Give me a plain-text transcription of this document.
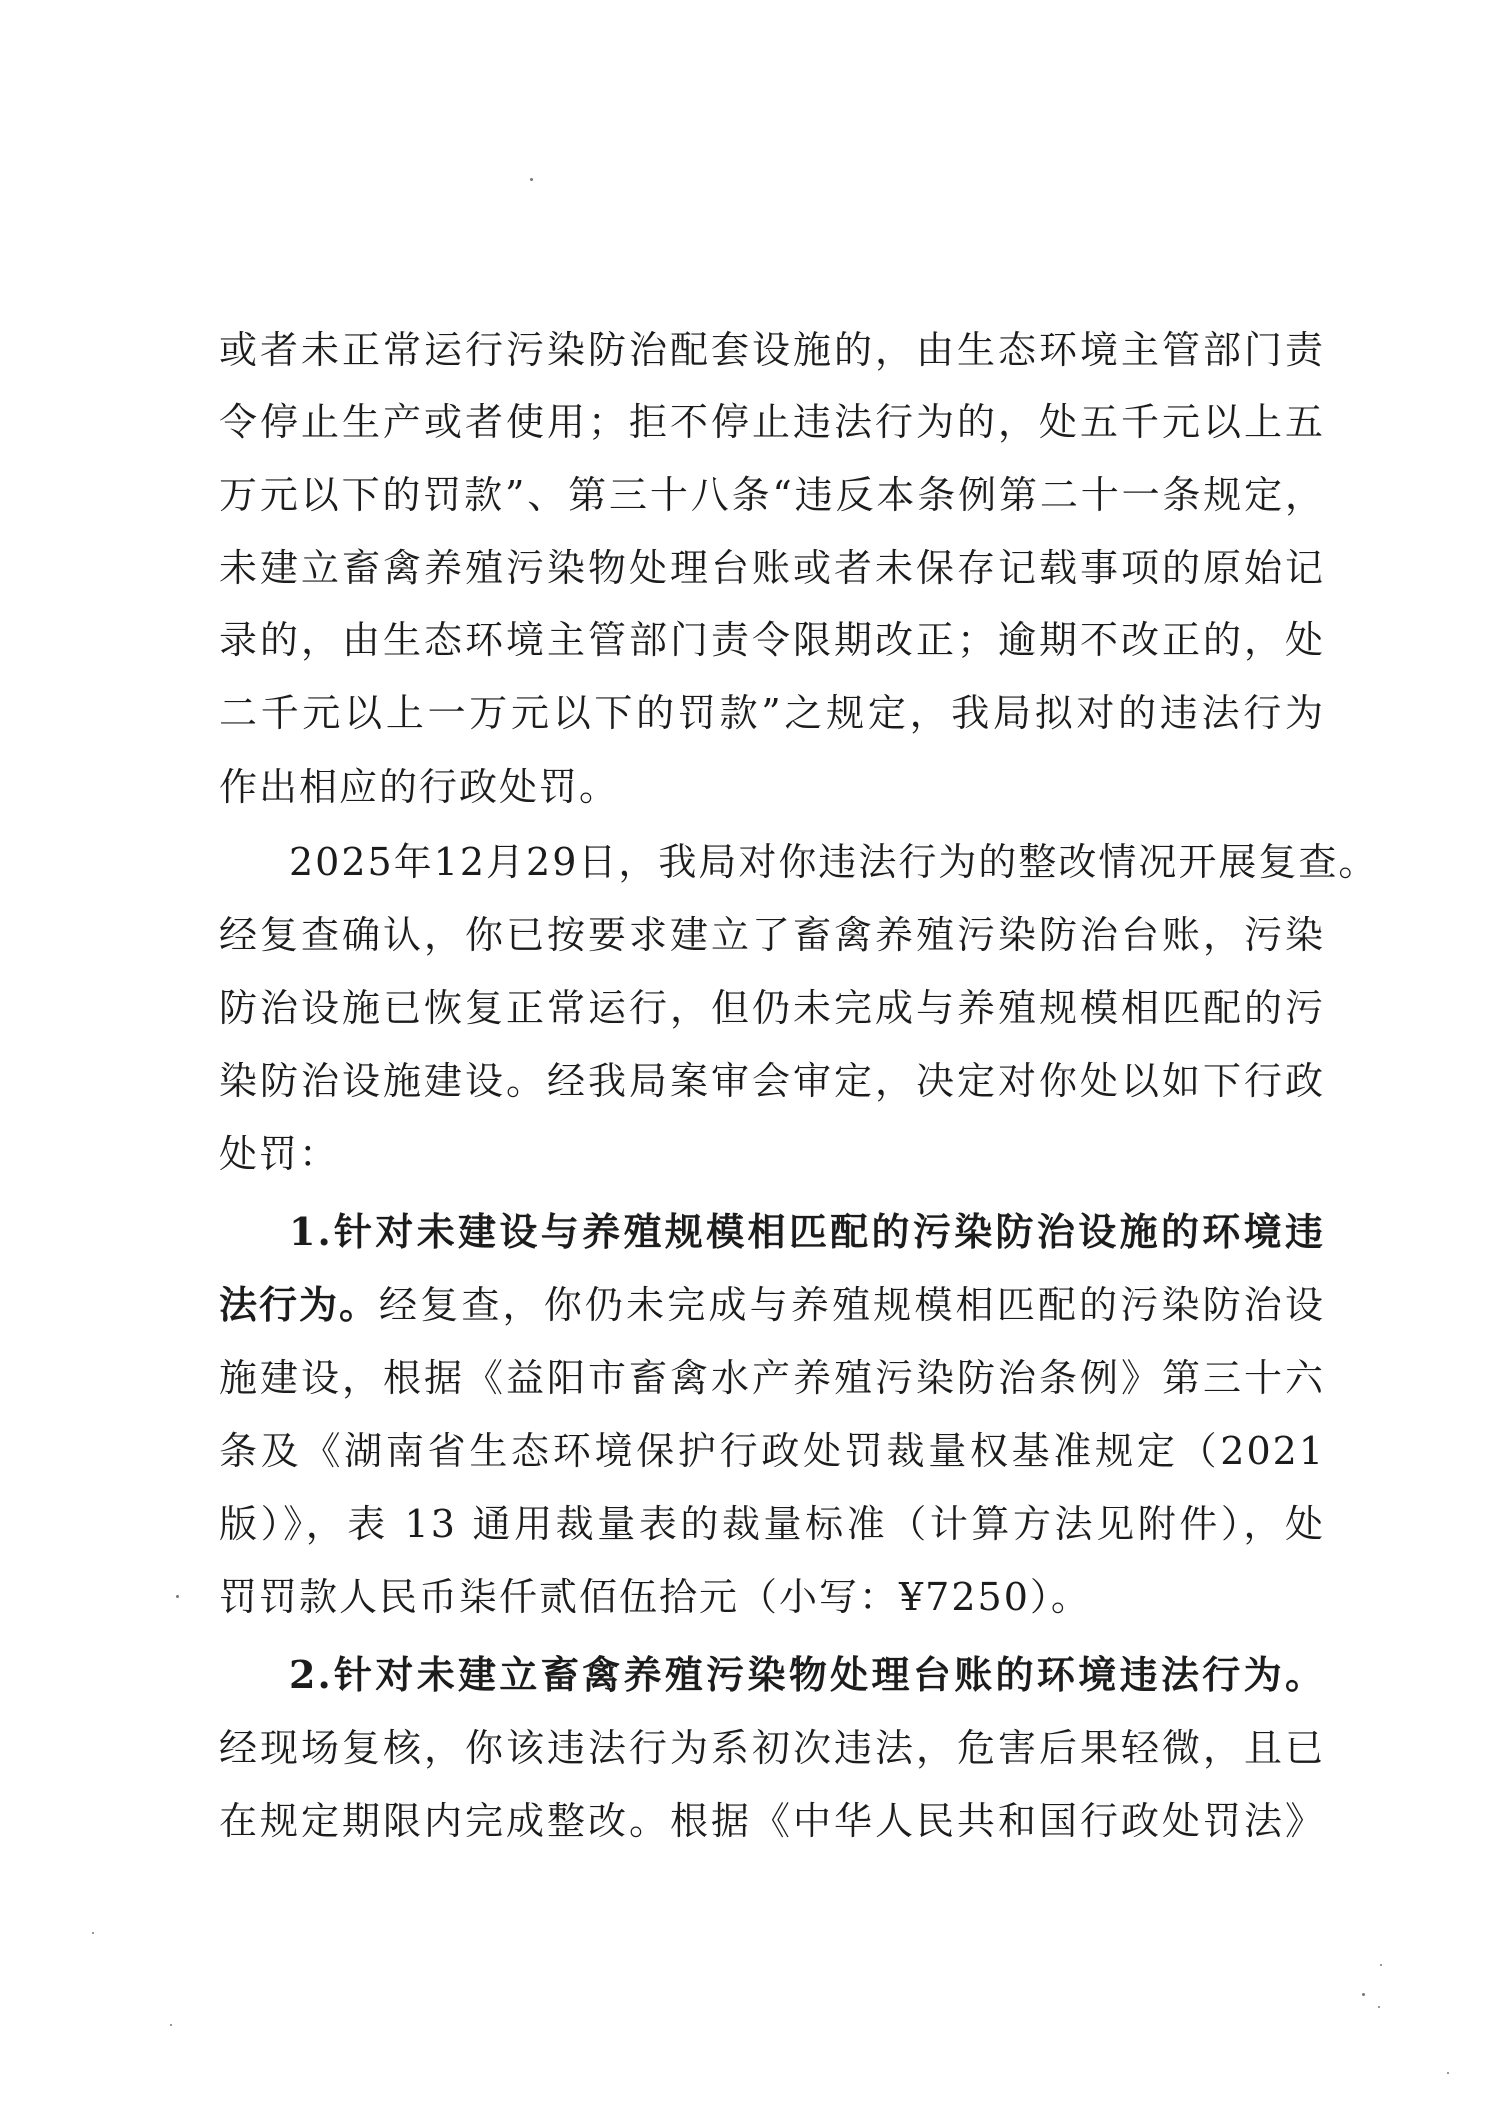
或者未正常运行污染防治配套设施的，由生态环境主管部门责
令停止生产或者使用；拒不停止违法行为的，处五千元以上五
万元以下的罚款”、第三十八条“违反本条例第二十一条规定，
未建立畜禽养殖污染物处理台账或者未保存记载事项的原始记
录的，由生态环境主管部门责令限期改正；逾期不改正的，处
二千元以上一万元以下的罚款”之规定，我局拟对的违法行为
作出相应的行政处罚。
2025年12月29日，我局对你违法行为的整改情况开展复查。
经复查确认，你已按要求建立了畜禽养殖污染防治台账，污染
防治设施已恢复正常运行，但仍未完成与养殖规模相匹配的污
染防治设施建设。经我局案审会审定，决定对你处以如下行政
处罚：
1.针对未建设与养殖规模相匹配的污染防治设施的环境违
法行为。 经复查，你仍未完成与养殖规模相匹配的污染防治设
施建设，根据《益阳市畜禽水产养殖污染防治条例》第三十六
条及《湖南省生态环境保护行政处罚裁量权基准规定（2021
版）》，表 13 通用裁量表的裁量标准（计算方法见附件），处
罚罚款人民币柒仟贰佰伍拾元（小写：¥7250）。
2.针对未建立畜禽养殖污染物处理台账的环境违法行为。
经现场复核，你该违法行为系初次违法，危害后果轻微，且已
在规定期限内完成整改。根据《中华人民共和国行政处罚法》
